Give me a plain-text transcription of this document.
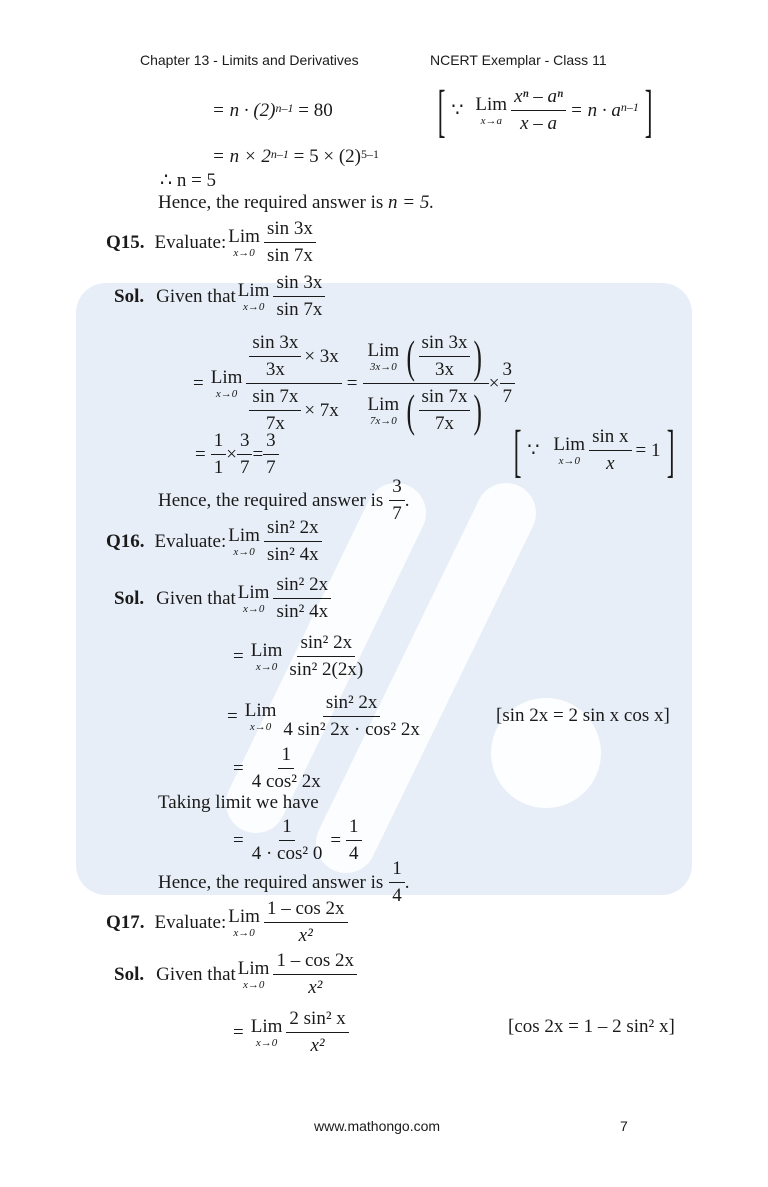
Chapter 13 - Limits and Derivatives	NCERT Exemplar - Class 11
= $n \cdot (2)^{n-1} = 80$ [ ∵ Lim
$x\to a \frac{\text{xⁿ – aⁿ}}{x - a} = n \cdot a$ n–1 ]
= $n \times 2^{n-1} = 5 \times (2)^{5-1}$
∴ n = 5
Hence, the required answer is n = 5.
Q15. Evaluate: Lim
x→0
sin 3x
sin 7x
Sol. Given that Lim
x→0
sin 3x
sin 7x
= Lim
$x\to 0 \frac{\frac{\sin 3x}{3x} \times 3x}{\frac{\sin 7x}{7x} \times 7x}$ =
Lim
3x→0 ( sin 3x
3x )
Lim
7x→0 ( sin 7x
7x )
× $\frac{3}{7}$
= $\frac{1}{1} \times \frac{3}{7} = \frac{3}{7}$	[ ∵ Lim
$x\to 0 \frac{\text{sin x}}{x} = 1$ ]
Hence, the required answer is
3
7
.
Q16. Evaluate: Lim
x→0
sin² 2x
sin² 4x
Sol. Given that Lim
x→0
sin² 2x
sin² 4x
= Lim
x→0
sin² 2x
sin² 2(2x)
= Lim
x→0
sin² 2x
4 sin² 2x · cos² 2x
[sin 2x = 2 sin x cos x]
= $\frac{1}{\text{4 cos² 2x}}$
Taking limit we have
= $\frac{1}{\text{4 · cos² 0}} = \frac{1}{4}$
Hence, the required answer is
1
4
.
Q17. Evaluate: Lim
x→0
1 – cos 2x
x²
Sol. Given that Lim
x→0
1 – cos 2x
x²
= Lim
x→0
2 sin² x
x²
[cos 2x = 1 – 2 sin² x]
www.mathongo.com	7
